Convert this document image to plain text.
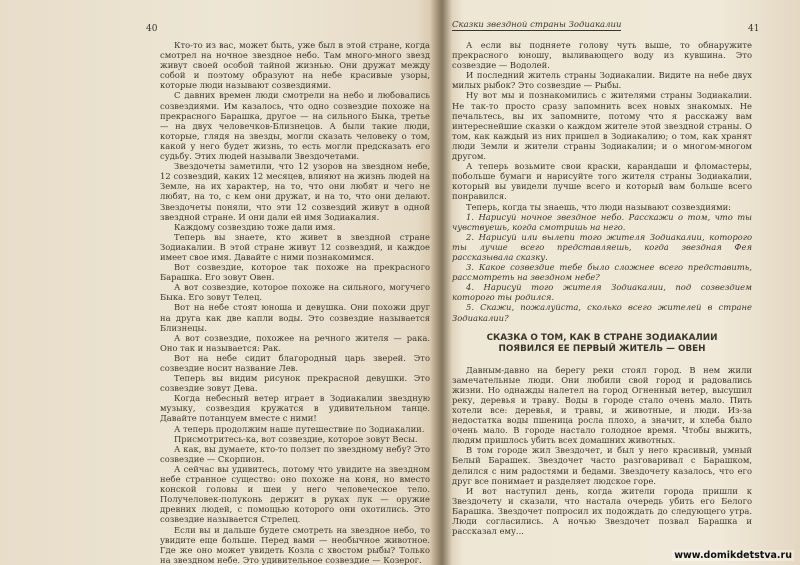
40

Кто-то из вас, может быть, уже был в этой стране, когда смотрел на ночное звездное небо. Там много-много звезд живут своей особой тайной жизнью. Они дружат между собой и поэтому образуют на небе красивые узоры, которые люди называют созвездиями.

С давних времен люди смотрели на небо и любовались созвездиями. Им казалось, что одно созвездие похоже на прекрасного Барашка, другое — на сильного Быка, третье — на двух человечков-Близнецов. А были такие люди, которые, глядя на звезды, могли сказать человеку о том, какой у него будет жизнь, то есть могли предсказать его судьбу. Этих людей называли Звездочетами.

Звездочеты заметили, что 12 узоров на звездном небе, 12 созвездий, каких 12 месяцев, влияют на жизнь людей на Земле, на их характер, на то, что они любят и чего не любят, на то, с кем они дружат, и на то, что они делают. Звездочеты поняли, что эти 12 созвездий живут в одной звездной стране. И они дали ей имя Зодиакалия.

Каждому созвездию тоже дали имя.

Теперь вы знаете, кто живет в звездной стране Зодиакалии. В этой стране живут 12 созвездий, и каждое имеет свое имя. Давайте с ними познакомимся.

Вот созвездие, которое так похоже на прекрасного Барашка. Его зовут Овен.

А вот созвездие, которое похоже на сильного, могучего Быка. Его зовут Телец.

Вот на небе стоят юноша и девушка. Они похожи друг на друга как две капли воды. Это созвездие называется Близнецы.

А вот созвездие, похожее на речного жителя — рака. Оно так и называется: Рак.

Вот на небе сидит благородный царь зверей. Это созвездие носит название Лев.

Теперь вы видим рисунок прекрасной девушки. Это созвездие зовут Дева.

Когда небесный ветер играет в Зодиакалии звездную музыку, созвездия кружатся в удивительном танце. Давайте потанцуем вместе с ними!

А теперь продолжим наше путешествие по Зодиакалии.

Присмотритесь-ка, вот созвездие, которое зовут Весы.

А как, вы думаете, кто-то ползет по звездному небу? Это созвездие — Скорпион.

А сейчас вы удивитесь, потому что увидите на звездном небе странное существо: оно похоже на коня, но вместо конской головы и шеи у него человеческое тело. Получеловек-полуконь держит в руках лук — оружие древних людей, с помощью которого они охотились. Это созвездие называется Стрелец.

Если вы и дальше будете смотреть на звездное небо, то увидите еще больше. Перед вами — необычное животное. Где же оно может увидеть Козла с хвостом рыбы? Только на звездном небе. Это удивительное созвездие — Козерог.

Сказки звездной страны Зодиакалии	41

А если вы подняете голову чуть выше, то обнаружите прекрасного юношу, выливающего воду из кувшина. Это созвездие — Водолей.

И последний житель страны Зодиакалии. Видите на небе двух милых рыбок? Это созвездие — Рыбы.

Ну вот мы и познакомились с жителями страны Зодиакалии. Не так-то просто сразу запомнить всех новых знакомых. Не печальтесь, вы их запомните, потому что я расскажу вам интереснейшие сказки о каждом жителе этой звездной страны. О том, как каждый из них пришел в Зодиакалию; о том, как хранят люди Земли и жители страны Зодиакалии; и о многом-многом другом.

А теперь возьмите свои краски, карандаши и фломастеры, побольше бумаги и нарисуйте того жителя страны Зодиакалии, который вы увидели лучше всего и который вам больше всего понравился.

Теперь, когда ты знаешь, что люди называют созвездиями:

1. Нарисуй ночное звездное небо. Расскажи о том, что ты чувствуешь, когда смотришь на него.

2. Нарисуй или вылепи того жителя Зодиакалии, которого ты лучше всего представляешь, когда звездная Фея рассказывала сказку.

3. Какое созвездие тебе было сложнее всего представить, рассмотреть на звездном небе?

4. Нарисуй того жителя Зодиакалии, под созвездием которого ты родился.

5. Скажи, пожалуйста, сколько всего жителей в стране Зодиакалии?

СКАЗКА О ТОМ, КАК В СТРАНЕ ЗОДИАКАЛИИ
ПОЯВИЛСЯ ЕЕ ПЕРВЫЙ ЖИТЕЛЬ — ОВЕН

Давным-давно на берегу реки стоял город. В нем жили замечательные люди. Они любили свой город и радовались жизни. Но однажды налетел на город Огненный ветер, высушил реку, деревья и траву. Воды в городе стало очень мало. Пить хотели все: деревья, и травы, и животные, и люди. Из-за недостатка воды пшеница росла плохо, а значит, и хлеба было очень мало. В городе настало голодное время. Чтобы выжить, людям пришлось убить всех домашних животных.

В том городе жил Звездочет, и был у него красивый, умный Белый Барашек. Звездочет часто разговаривал с Барашком, делился с ним радостями и бедами. Звездочету казалось, что его друг все понимает и разделяет людское горе.

И вот наступил день, когда жители города пришли к Звездочету и сказали, что настала очередь убить его Белого Барашка. Звездочет попросил их подождать до следующего утра. Люди согласились. А ночью Звездочет позвал Барашка и рассказал ему...

www.domikdetstva.ru
